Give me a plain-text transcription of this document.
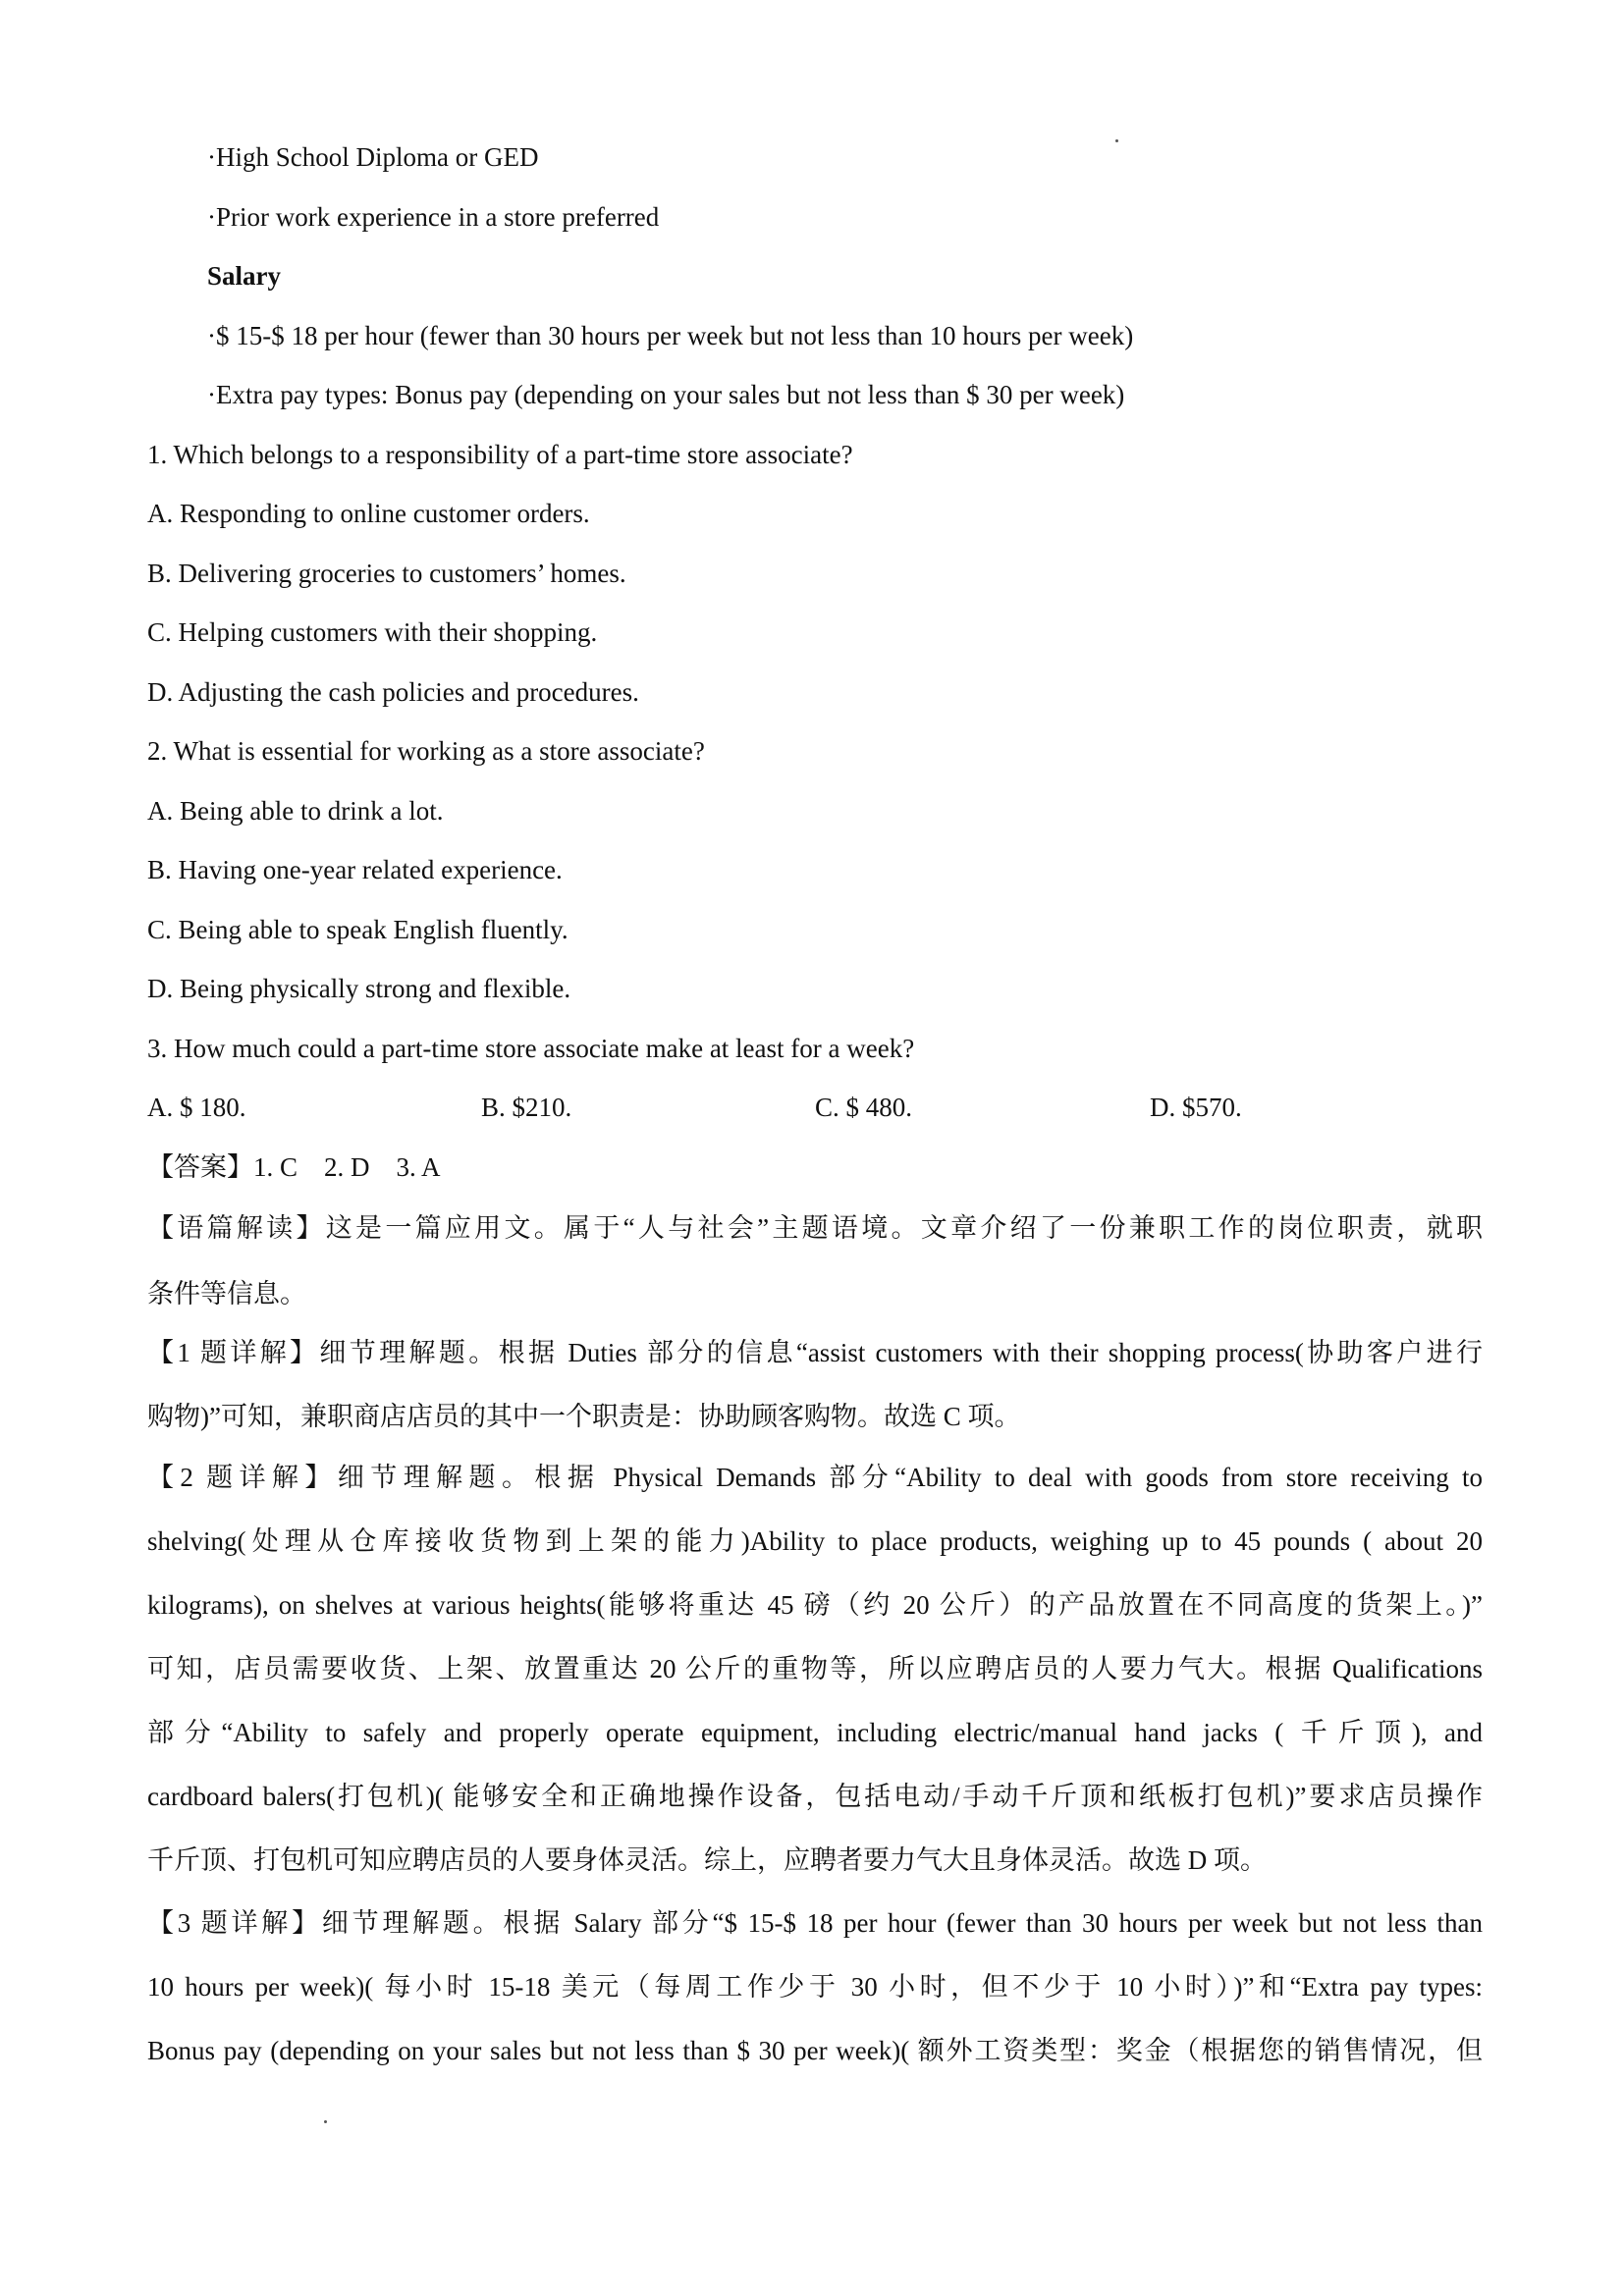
·High School Diploma or GED
·Prior work experience in a store preferred
Salary
·$ 15-$ 18 per hour (fewer than 30 hours per week but not less than 10 hours per week)
·Extra pay types: Bonus pay (depending on your sales but not less than $ 30 per week)
1. Which belongs to a responsibility of a part-time store associate?
A. Responding to online customer orders.
B. Delivering groceries to customers’ homes.
C. Helping customers with their shopping.
D. Adjusting the cash policies and procedures.
2. What is essential for working as a store associate?
A. Being able to drink a lot.
B. Having one-year related experience.
C. Being able to speak English fluently.
D. Being physically strong and flexible.
3. How much could a part-time store associate make at least for a week?
A. $ 180.	B. $210.	C. $ 480.	D. $570.
【答案】1. C　2. D　3. A
【语篇解读】这是一篇应用文。属于“人与社会”主题语境。文章介绍了一份兼职工作的岗位职责，就职
条件等信息。
【1 题详解】细节理解题。根据 Duties 部分的信息“assist customers with their shopping process(协助客户进行
购物)”可知，兼职商店店员的其中一个职责是：协助顾客购物。故选 C 项。
【2 题详解】细节理解题。根据 Physical Demands 部分“Ability to deal with goods from store receiving to
shelving(处理从仓库接收货物到上架的能力)Ability to place products, weighing up to 45 pounds ( about 20
kilograms), on shelves at various heights(能够将重达 45 磅（约 20 公斤）的产品放置在不同高度的货架上。)”
可知，店员需要收货、上架、放置重达 20 公斤的重物等，所以应聘店员的人要力气大。根据 Qualifications
部分“Ability to safely and properly operate equipment, including electric/manual hand jacks ( 千斤顶), and
cardboard balers(打包机)( 能够安全和正确地操作设备，包括电动/手动千斤顶和纸板打包机)”要求店员操作
千斤顶、打包机可知应聘店员的人要身体灵活。综上，应聘者要力气大且身体灵活。故选 D 项。
【3 题详解】细节理解题。根据 Salary 部分“$ 15-$ 18 per hour (fewer than 30 hours per week but not less than
10 hours per week)( 每小时 15-18 美元（每周工作少于 30 小时，但不少于 10 小时）)”和“Extra pay types:
Bonus pay (depending on your sales but not less than $ 30 per week)( 额外工资类型：奖金（根据您的销售情况，但
